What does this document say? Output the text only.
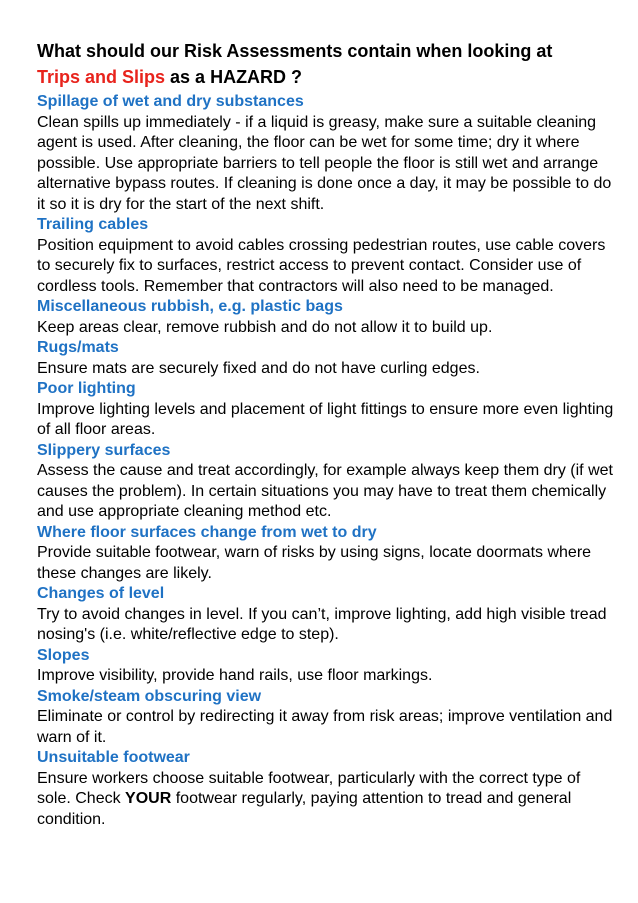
What should our Risk Assessments contain when looking at
Trips and Slips as a HAZARD ?
Spillage of wet and dry substances
Clean spills up immediately - if a liquid is greasy, make sure a suitable cleaning agent is used. After cleaning, the floor can be wet for some time; dry it where possible. Use appropriate barriers to tell people the floor is still wet and arrange alternative bypass routes. If cleaning is done once a day, it may be possible to do it so it is dry for the start of the next shift.
Trailing cables
Position equipment to avoid cables crossing pedestrian routes, use cable covers to securely fix to surfaces, restrict access to prevent contact. Consider use of cordless tools. Remember that contractors will also need to be managed.
Miscellaneous rubbish, e.g. plastic bags
Keep areas clear, remove rubbish and do not allow it to build up.
Rugs/mats
Ensure mats are securely fixed and do not have curling edges.
Poor lighting
Improve lighting levels and placement of light fittings to ensure more even lighting of all floor areas.
Slippery surfaces
Assess the cause and treat accordingly, for example always keep them dry (if wet causes the problem). In certain situations you may have to treat them chemically and use appropriate cleaning method etc.
Where floor surfaces change from wet to dry
Provide suitable footwear, warn of risks by using signs, locate doormats where these changes are likely.
Changes of level
Try to avoid changes in level. If you can’t, improve lighting, add high visible tread nosing's (i.e. white/reflective edge to step).
Slopes
Improve visibility, provide hand rails, use floor markings.
Smoke/steam obscuring view
Eliminate or control by redirecting it away from risk areas; improve ventilation and warn of it.
Unsuitable footwear
Ensure workers choose suitable footwear, particularly with the correct type of sole. Check YOUR footwear regularly, paying attention to tread and general condition.
